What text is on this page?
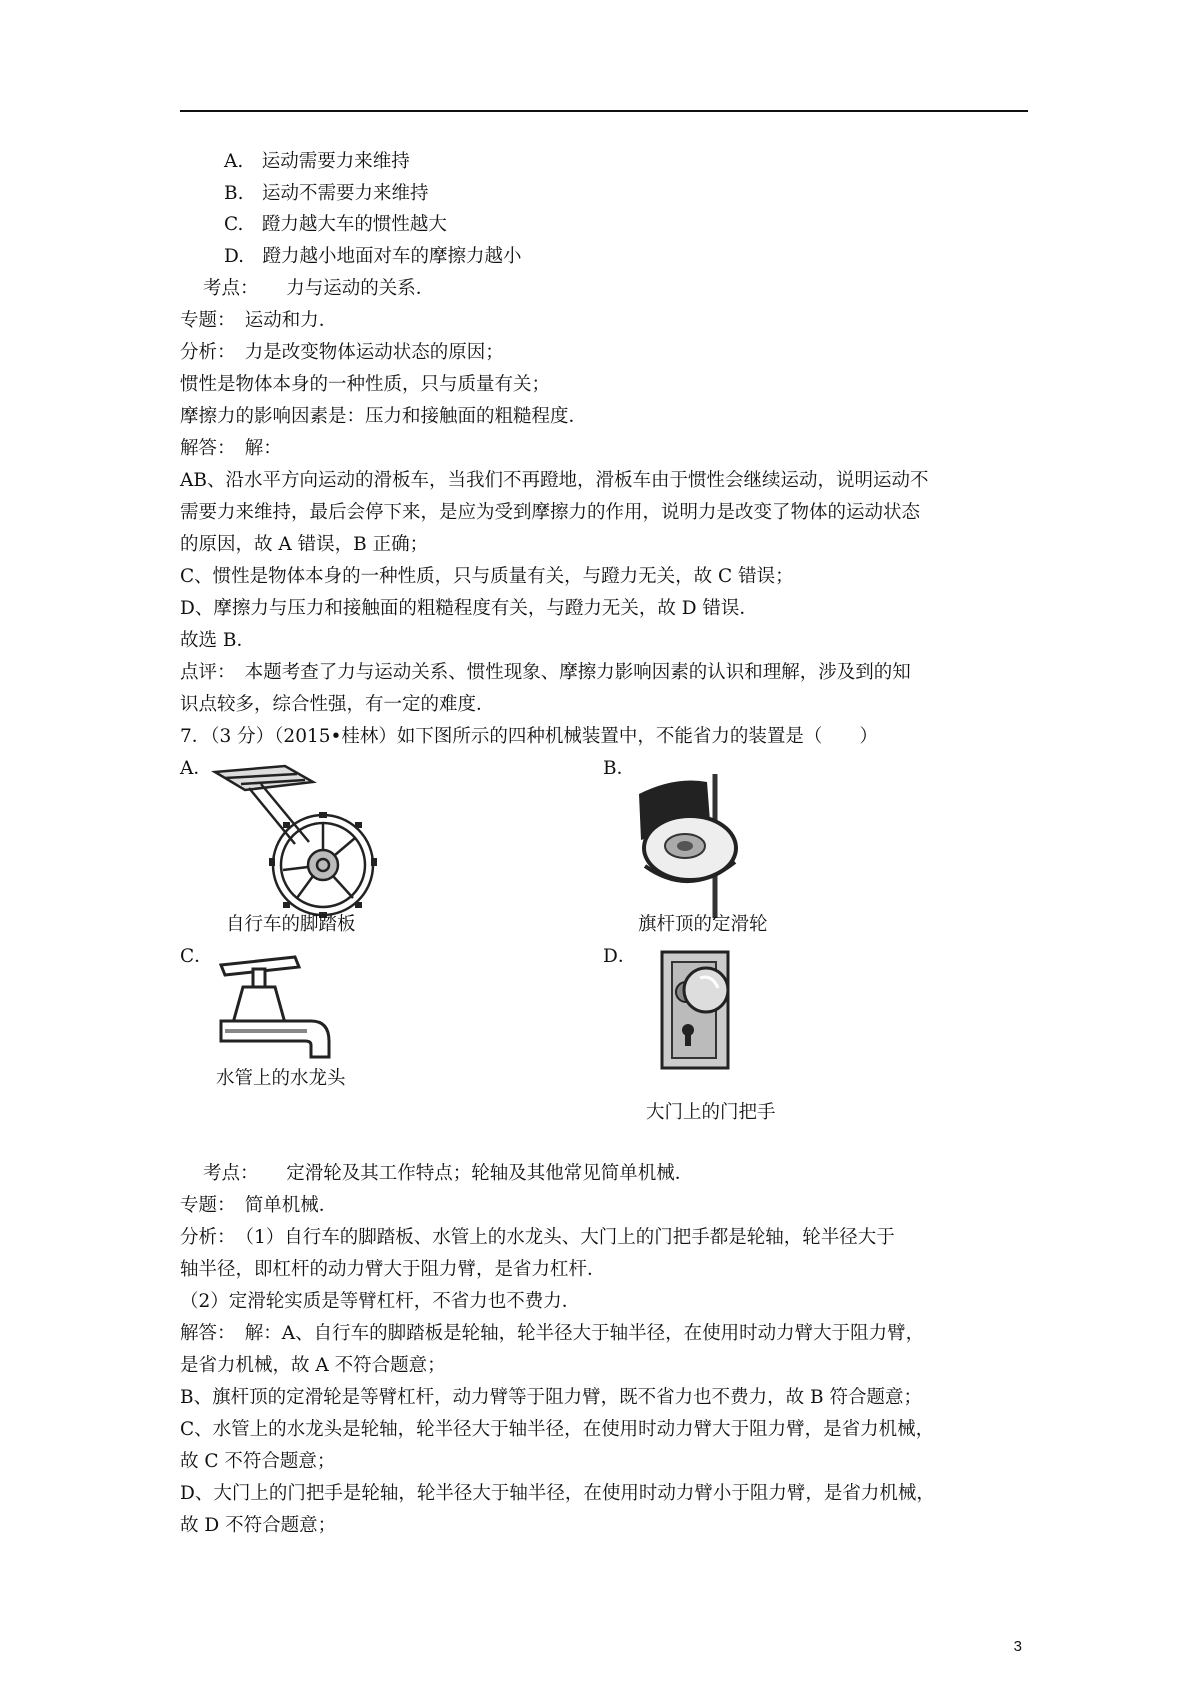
A.　运动需要力来维持
B.　运动不需要力来维持
C.　蹬力越大车的惯性越大
D.　蹬力越小地面对车的摩擦力越小
考点：　　力与运动的关系．
专题：　运动和力．
分析：　力是改变物体运动状态的原因；
惯性是物体本身的一种性质，只与质量有关；
摩擦力的影响因素是：压力和接触面的粗糙程度．
解答：　解：
AB、沿水平方向运动的滑板车，当我们不再蹬地，滑板车由于惯性会继续运动，说明运动不
需要力来维持，最后会停下来，是应为受到摩擦力的作用，说明力是改变了物体的运动状态
的原因，故 A 错误，B 正确；
C、惯性是物体本身的一种性质，只与质量有关，与蹬力无关，故 C 错误；
D、摩擦力与压力和接触面的粗糙程度有关，与蹬力无关，故 D 错误．
故选 B．
点评：　本题考查了力与运动关系、惯性现象、摩擦力影响因素的认识和理解，涉及到的知
识点较多，综合性强，有一定的难度．
7．（3 分）（2015•桂林）如下图所示的四种机械装置中，不能省力的装置是（　　）
A．	B．
自行车的脚踏板	旗杆顶的定滑轮
C．	D．
水管上的水龙头
大门上的门把手
考点：　　定滑轮及其工作特点；轮轴及其他常见简单机械．
专题：　简单机械．
分析：　（1）自行车的脚踏板、水管上的水龙头、大门上的门把手都是轮轴，轮半径大于
轴半径，即杠杆的动力臂大于阻力臂，是省力杠杆．
（2）定滑轮实质是等臂杠杆，不省力也不费力．
解答：　解：A、自行车的脚踏板是轮轴，轮半径大于轴半径，在使用时动力臂大于阻力臂，
是省力机械，故 A 不符合题意；
B、旗杆顶的定滑轮是等臂杠杆，动力臂等于阻力臂，既不省力也不费力，故 B 符合题意；
C、水管上的水龙头是轮轴，轮半径大于轴半径，在使用时动力臂大于阻力臂，是省力机械，
故 C 不符合题意；
D、大门上的门把手是轮轴，轮半径大于轴半径，在使用时动力臂小于阻力臂，是省力机械，
故 D 不符合题意；
3
